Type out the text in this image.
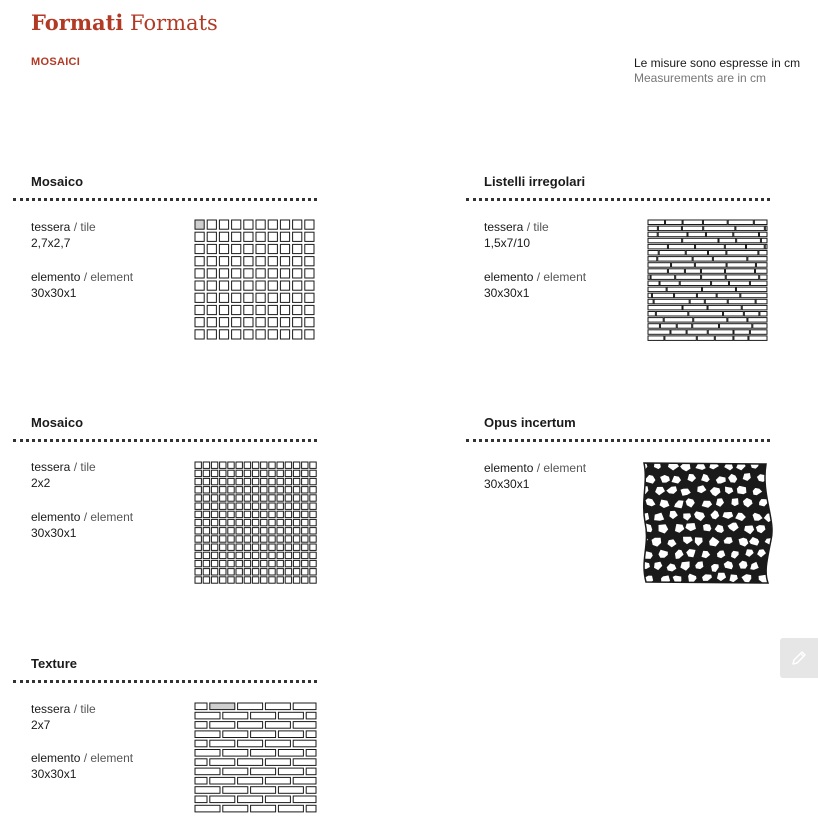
Formati Formats
MOSAICI	Le misure sono espresse in cm
Measurements are in cm
Mosaico
tessera / tile
2,7x2,7
elemento / element
30x30x1
Listelli irregolari
tessera / tile
1,5x7/10
elemento / element
30x30x1
Mosaico
tessera / tile
2x2
elemento / element
30x30x1
Opus incertum
elemento / element
30x30x1
Texture
tessera / tile
2x7
elemento / element
30x30x1
